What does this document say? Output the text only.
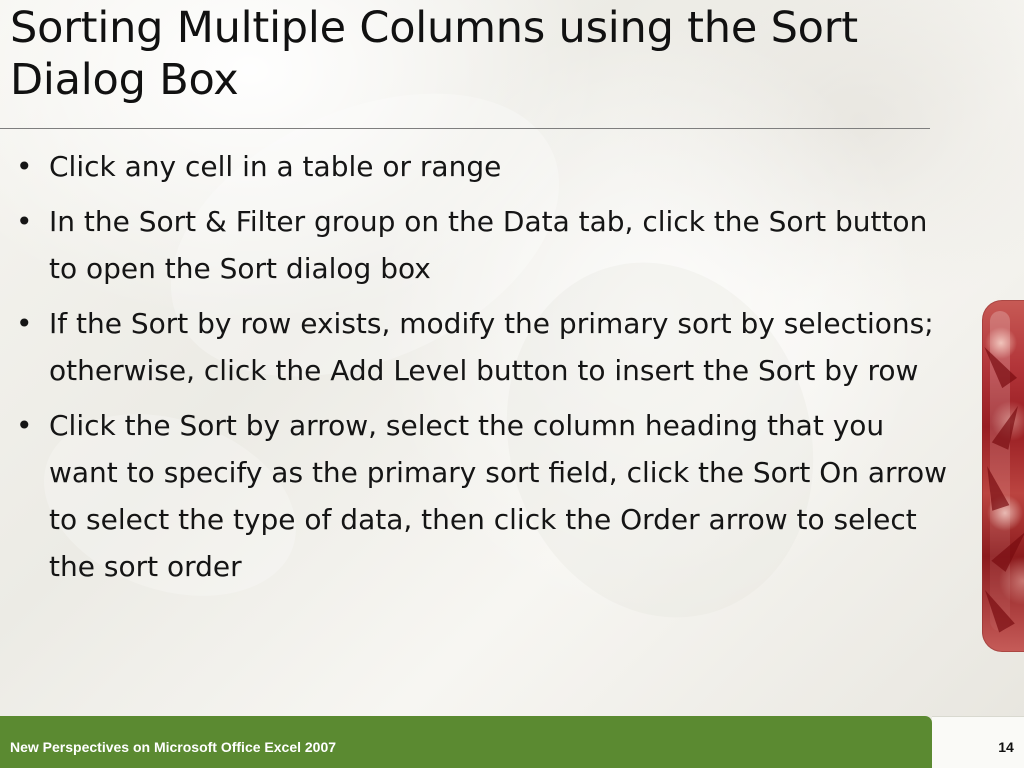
Sorting Multiple Columns using the Sort Dialog Box
• Click any cell in a table or range
• In the Sort & Filter group on the Data tab, click the Sort button to open the Sort dialog box
• If the Sort by row exists, modify the primary sort by selections; otherwise, click the Add Level button to insert the Sort by row
• Click the Sort by arrow, select the column heading that you want to specify as the primary sort field, click the Sort On arrow to select the type of data, then click the Order arrow to select the sort order
New Perspectives on Microsoft Office Excel 2007	14
